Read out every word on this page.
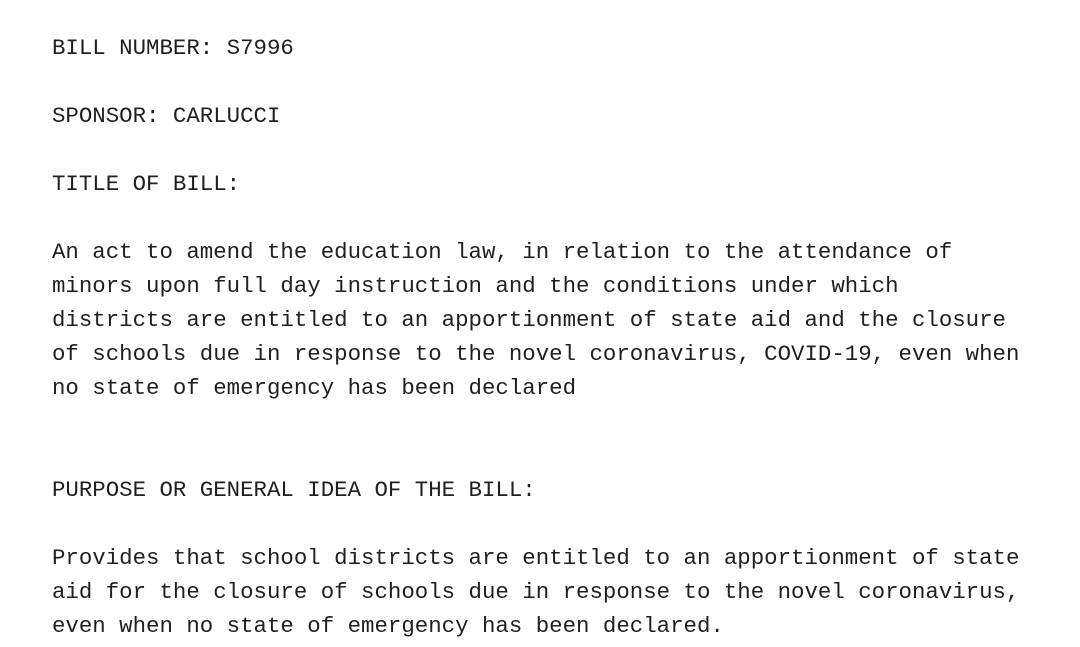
BILL NUMBER: S7996
SPONSOR: CARLUCCI
TITLE OF BILL:
An act to amend the education law, in relation to the attendance of
minors upon full day instruction and the conditions under which
districts are entitled to an apportionment of state aid and the closure
of schools due in response to the novel coronavirus, COVID-19, even when
no state of emergency has been declared
PURPOSE OR GENERAL IDEA OF THE BILL:
Provides that school districts are entitled to an apportionment of state
aid for the closure of schools due in response to the novel coronavirus,
even when no state of emergency has been declared.
